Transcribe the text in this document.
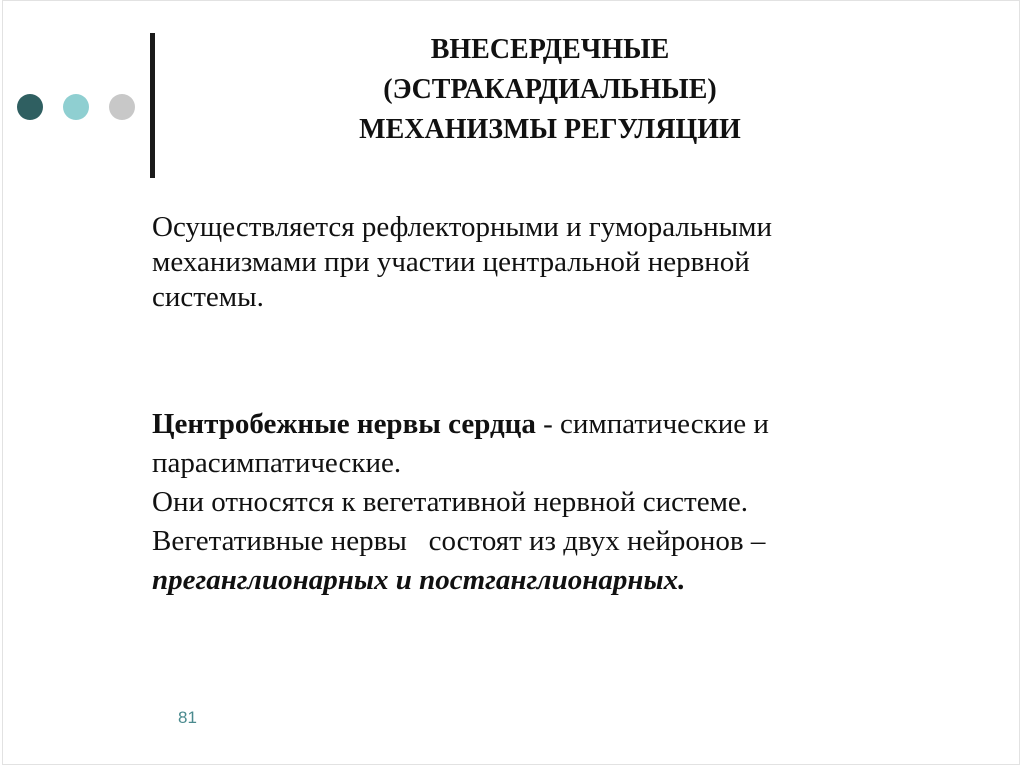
ВНЕСЕРДЕЧНЫЕ
(ЭСТРАКАРДИАЛЬНЫЕ)
МЕХАНИЗМЫ РЕГУЛЯЦИИ

Осуществляется рефлекторными и гуморальными
механизмами при участии центральной нервной
системы.

Центробежные нервы сердца - симпатические и
парасимпатические.
Они относятся к вегетативной нервной системе.
Вегетативные нервы   состоят из двух нейронов –
преганглионарных и постганглионарных.

81
